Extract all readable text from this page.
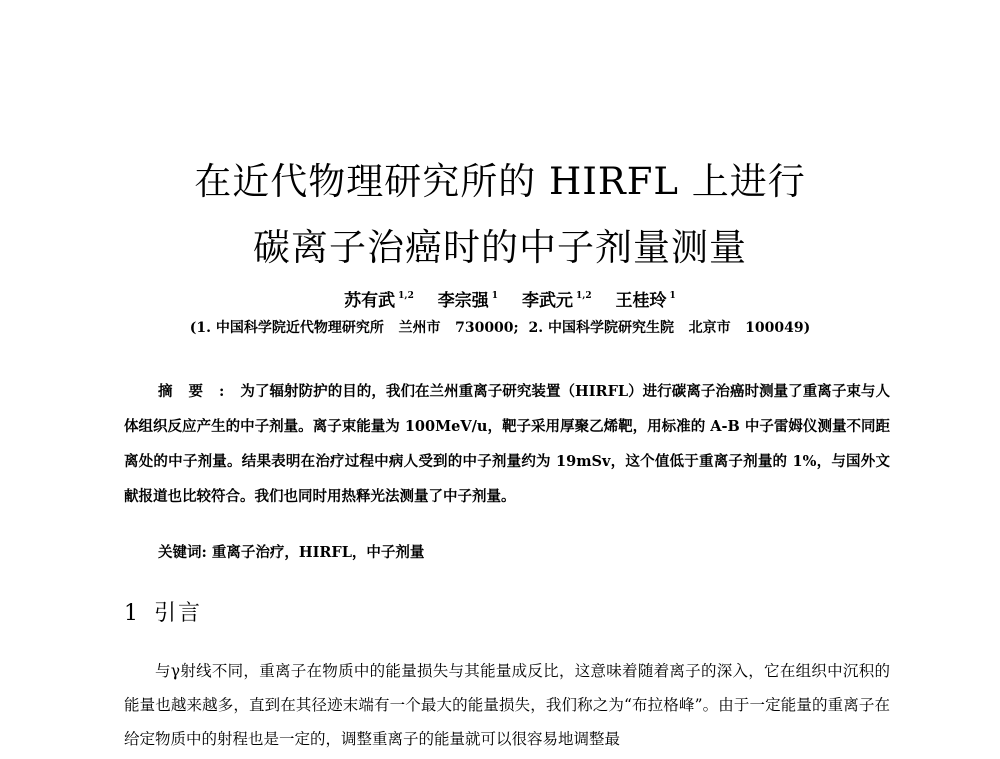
在近代物理研究所的 HIRFL 上进行
碳离子治癌时的中子剂量测量
苏有武 $^{1,2}$ 李宗强 $^1$ 李武元 $^{1,2}$ 王桂玲 $^1$
(1. 中国科学院近代物理研究所   兰州市   730000;  2. 中国科学院研究生院   北京市   100049)

摘要:为了辐射防护的目的，我们在兰州重离子研究装置（HIRFL）进行碳离子治癌时测量了重离子束与人体组织反应产生的中子剂量。离子束能量为 100MeV/u，靶子采用厚聚乙烯靶，用标准的 A-B 中子雷姆仪测量不同距离处的中子剂量。结果表明在治疗过程中病人受到的中子剂量约为 19mSv，这个值低于重离子剂量的 1%，与国外文献报道也比较符合。我们也同时用热释光法测量了中子剂量。

关键词: 重离子治疗，HIRFL，中子剂量

1 引言

与γ射线不同，重离子在物质中的能量损失与其能量成反比，这意味着随着离子的深入，它在组织中沉积的能量也越来越多，直到在其径迹末端有一个最大的能量损失，我们称之为“布拉格峰”。由于一定能量的重离子在给定物质中的射程也是一定的，调整重离子的能量就可以很容易地调整最
